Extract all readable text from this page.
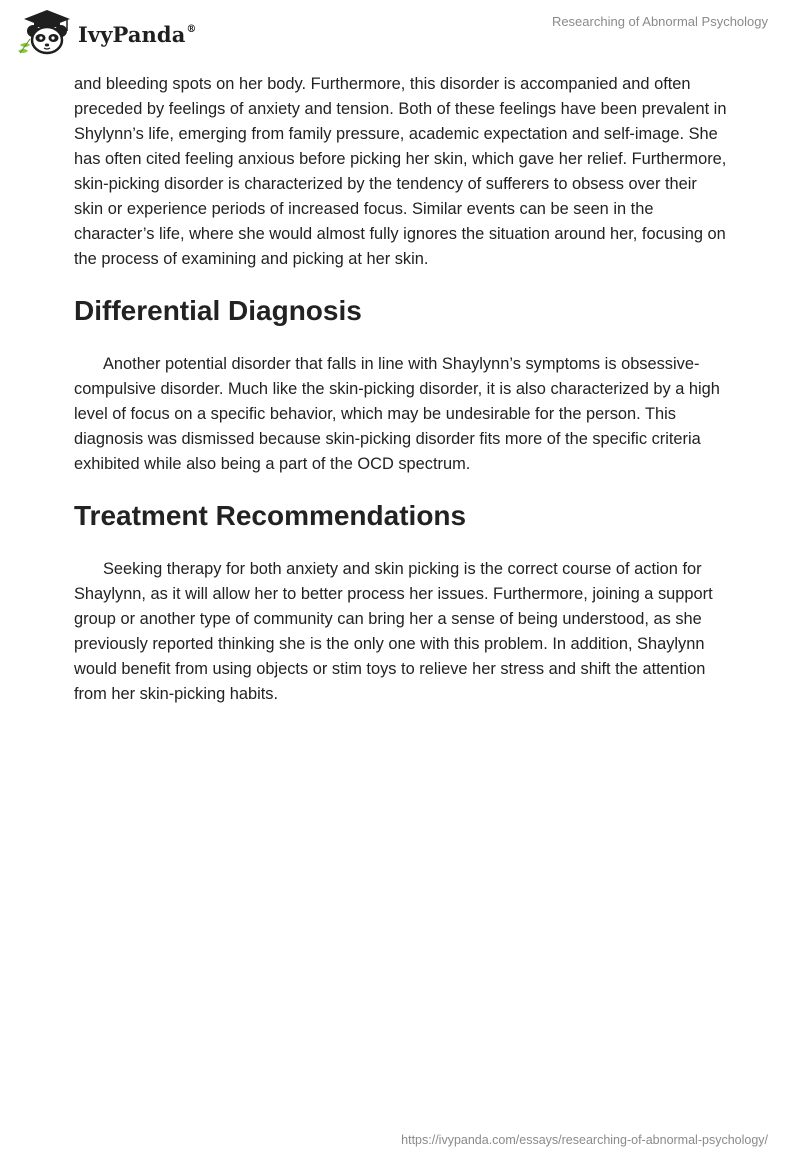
IvyPanda®	Researching of Abnormal Psychology

and bleeding spots on her body. Furthermore, this disorder is accompanied and often preceded by feelings of anxiety and tension. Both of these feelings have been prevalent in Shylynn’s life, emerging from family pressure, academic expectation and self-image. She has often cited feeling anxious before picking her skin, which gave her relief. Furthermore, skin-picking disorder is characterized by the tendency of sufferers to obsess over their skin or experience periods of increased focus. Similar events can be seen in the character’s life, where she would almost fully ignores the situation around her, focusing on the process of examining and picking at her skin.

Differential Diagnosis

Another potential disorder that falls in line with Shaylynn’s symptoms is obsessive-compulsive disorder. Much like the skin-picking disorder, it is also characterized by a high level of focus on a specific behavior, which may be undesirable for the person. This diagnosis was dismissed because skin-picking disorder fits more of the specific criteria exhibited while also being a part of the OCD spectrum.

Treatment Recommendations

Seeking therapy for both anxiety and skin picking is the correct course of action for Shaylynn, as it will allow her to better process her issues. Furthermore, joining a support group or another type of community can bring her a sense of being understood, as she previously reported thinking she is the only one with this problem. In addition, Shaylynn would benefit from using objects or stim toys to relieve her stress and shift the attention from her skin-picking habits.

https://ivypanda.com/essays/researching-of-abnormal-psychology/
